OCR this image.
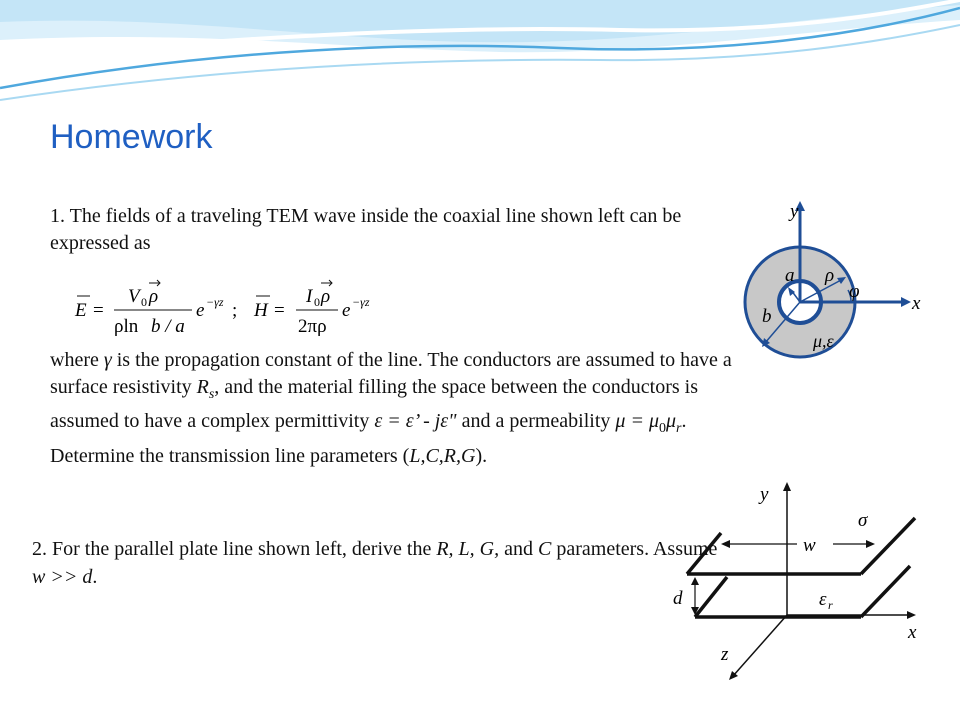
Homework
1. The fields of a traveling TEM wave inside the coaxial line shown left can be expressed as
E =
V 0 ρ
ρln b / a
e −γz ; H =
I 0 ρ
2πρ
e −γz
where γ is the propagation constant of the line. The conductors are assumed to have a surface resistivity $R_s$, and the material filling the space between the conductors is assumed to have a complex permittivity ε = ε’ - jε" and a permeability $\mu = \mu_0\mu_r$. Determine the transmission line parameters (L,C,R,G).
2. For the parallel plate line shown left, derive the R, L, G, and C parameters. Assume w >> d.
y
x
a ρ
φ
b
μ,ε
y
σ
w
d	ε r
x
z
